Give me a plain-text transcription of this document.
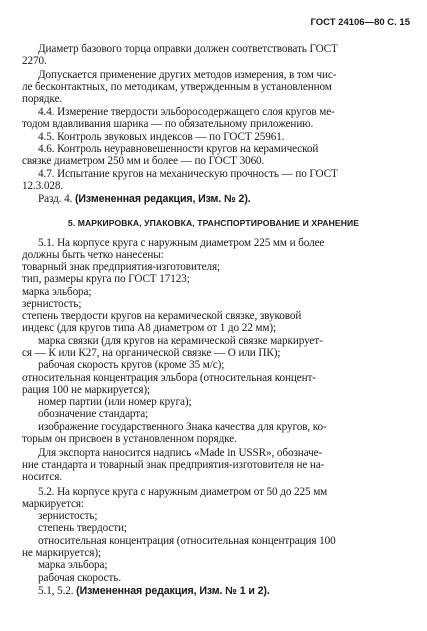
ГОСТ 24106—80 С. 15
Диаметр базового торца оправки должен соответствовать ГОСТ
2270.
Допускается применение других методов измерения, в том чис-
ле бесконтактных, по методикам, утвержденным в установленном
порядке.
4.4. Измерение твердости эльборосодержащего слоя кругов ме-
тодом вдавливания шарика — по обязательному приложению.
4.5. Контроль звуковых индексов — по ГОСТ 25961.
4.6. Контроль неуравновешенности кругов на керамической
связке диаметром 250 мм и более — по ГОСТ 3060.
4.7. Испытание кругов на механическую прочность — по ГОСТ
12.3.028.
Разд. 4. (Измененная редакция, Изм. № 2).
5. МАРКИРОВКА, УПАКОВКА, ТРАНСПОРТИРОВАНИЕ И ХРАНЕНИЕ
5.1. На корпусе круга с наружным диаметром 225 мм и более
должны быть четко нанесены:
товарный знак предприятия-изготовителя;
тип, размеры круга по ГОСТ 17123;
марка эльбора;
зернистость;
степень твердости кругов на керамической связке, звуковой
индекс (для кругов типа А8 диаметром от 1 до 22 мм);
марка связки (для кругов на керамической связке маркирует-
ся — К или К27, на органической связке — О или ПК);
рабочая скорость кругов (кроме 35 м/с);
относительная концентрация эльбора (относительная концент-
рация 100 не маркируется);
номер партии (или номер круга);
обозначение стандарта;
изображение государственного Знака качества для кругов, ко-
торым он присвоен в установленном порядке.
Для экспорта наносится надпись «Made in USSR», обозначе-
ние стандарта и товарный знак предприятия-изготовителя не на-
носится.
5.2. На корпусе круга с наружным диаметром от 50 до 225 мм
маркируется:
зернистость;
степень твердости;
относительная концентрация (относительная концентрация 100
не маркируется);
марка эльбора;
рабочая скорость.
5.1, 5.2. (Измененная редакция, Изм. № 1 и 2).
